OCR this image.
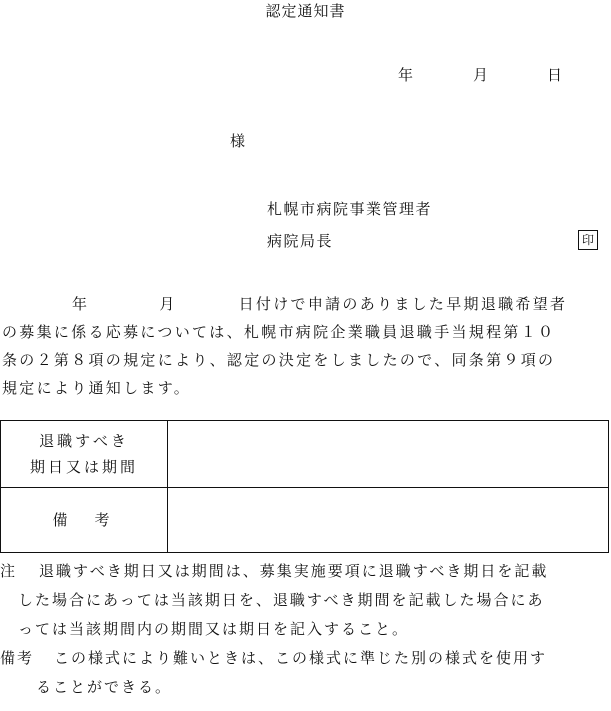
認定通知書
年	月	日
様
札幌市病院事業管理者
病院局長	印
年	月	日付けで申請のありました早期退職希望者
の募集に係る応募については、札幌市病院企業職員退職手当規程第１０
条の２第８項の規定により、認定の決定をしましたので、同条第９項の
規定により通知します。
退職すべき
期日又は期間	

備　考	
注 退職すべき期日又は期間は、募集実施要項に退職すべき期日を記載
した場合にあっては当該期日を、退職すべき期間を記載した場合にあ
っては当該期間内の期間又は期日を記入すること。
備考 この様式により難いときは、この様式に準じた別の様式を使用す
ることができる。
